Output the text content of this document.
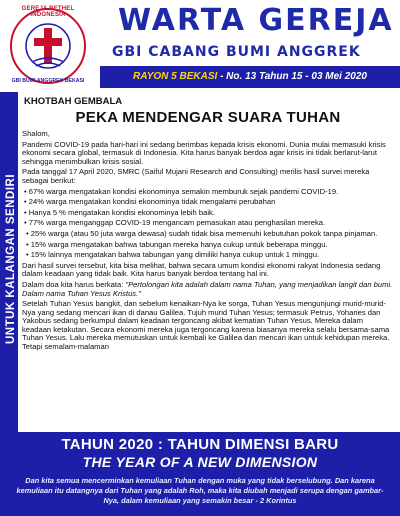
GEREJA BETHEL INDONESIA
GBI BUMI ANGGREK BEKASI
WARTA GEREJA
GBI CABANG BUMI ANGGREK
RAYON 5 BEKASI - No. 13 Tahun 15 - 03 Mei 2020
UNTUK KALANGAN SENDIRI
KHOTBAH GEMBALA
PEKA MENDENGAR SUARA TUHAN

Shalom,

Pandemi COVID-19 pada hari-hari ini sedang berimbas kepada krisis ekonomi. Dunia mulai memasuki krisis ekonomi secara global, termasuk di Indonesia. Kita harus banyak berdoa agar krisis ini tidak berlarut-larut sehingga menimbulkan krisis sosial.

Pada tanggal 17 April 2020, SMRC (Saiful Mujani Research and Consulting) merilis hasil survei mereka sebagai berikut:

• 67% warga mengatakan kondisi ekonominya semakin memburuk sejak pandemi COVID-19.

• 24% warga mengatakan kondisi ekonominya tidak mengalami perubahan

• Hanya 5 % mengatakan kondisi ekonominya lebih baik.

• 77% warga menganggap COVID-19 mengancam pemasukan atau penghasilan mereka.

• 25% warga (atau 50 juta warga dewasa) sudah tidak bisa memenuhi kebutuhan pokok tanpa pinjaman.

• 15% warga mengatakan bahwa tabungan mereka hanya cukup untuk beberapa minggu.

• 15% lainnya mengatakan bahwa tabungan yang dimiliki hanya cukup untuk 1 minggu.

Dari hasil survei tersebut, kita bisa melihat, bahwa secara umum kondisi ekonomi rakyat Indonesia sedang dalam keadaan yang tidak baik. Kita harus banyak berdoa tentang hal ini.

Dalam doa kita harus berkata: "Pertolongan kita adalah dalam nama Tuhan, yang menjadikan langit dan bumi. Dalam nama Tuhan Yesus Kristus."

Setelah Tuhan Yesus bangkit, dan sebelum kenaikan-Nya ke sorga, Tuhan Yesus mengunjungi murid-murid-Nya yang sedang mencari ikan di danau Galilea. Tujuh murid Tuhan Yesus; termasuk Petrus, Yohanes dan Yakobus sedang berkumpul dalam keadaan tergoncang akibat kematian Tuhan Yesus. Mereka dalam keadaan ketakutan. Secara ekonomi mereka juga tergoncang karena biasanya mereka selalu bersama-sama Tuhan Yesus. Lalu mereka memutuskan untuk kembali ke Galilea dan mencari ikan untuk kehidupan mereka. Tetapi semalam-malaman

TAHUN 2020 : TAHUN DIMENSI BARU
THE YEAR OF A NEW DIMENSION
Dan kita semua mencerminkan kemuliaan Tuhan dengan muka yang tidak berselubung. Dan karena kemuliaan itu datangnya dari Tuhan yang adalah Roh, maka kita diubah menjadi serupa dengan gambar-Nya, dalam kemuliaan yang semakin besar - 2 Korintus
